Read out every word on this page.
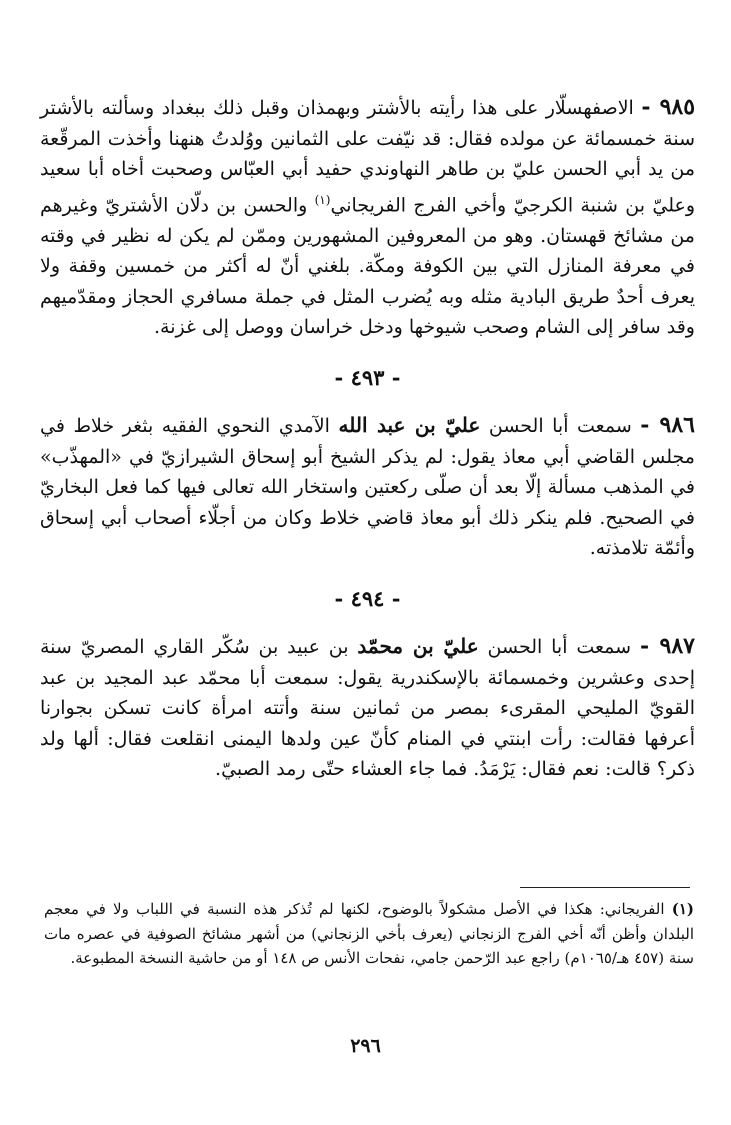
٩٨٥ - الاصفهسلّار على هذا رأيته بالأشتر وبهمذان وقبل ذلك ببغداد وسألته بالأشتر سنة خمسمائة عن مولده فقال: قد نيّفت على الثمانين ووُلدتُ هنهنا وأخذت المرقّعة من يد أبي الحسن عليّ بن طاهر النهاوندي حفيد أبي العبّاس وصحبت أخاه أبا سعيد وعليّ بن شنبة الكرجيّ وأخي الفرج الفريجاني$^{(١)}$ والحسن بن دلّان الأشتريّ وغيرهم من مشائخ قهستان. وهو من المعروفين المشهورين وممّن لم يكن له نظير في وقته في معرفة المنازل التي بين الكوفة ومكّة. بلغني أنّ له أكثر من خمسين وقفة ولا يعرف أحدٌ طريق البادية مثله وبه يُضرب المثل في جملة مسافري الحجاز ومقدّميهم وقد سافر إلى الشام وصحب شيوخها ودخل خراسان ووصل إلى غزنة.

- ٤٩٣ -

٩٨٦ - سمعت أبا الحسن عليّ بن عبد الله الآمدي النحوي الفقيه بثغر خلاط في مجلس القاضي أبي معاذ يقول: لم يذكر الشيخ أبو إسحاق الشيرازيّ في «المهذّب» في المذهب مسألة إلّا بعد أن صلّى ركعتين واستخار الله تعالى فيها كما فعل البخاريّ في الصحيح. فلم ينكر ذلك أبو معاذ قاضي خلاط وكان من أجلّاء أصحاب أبي إسحاق وأئمّة تلامذته.

- ٤٩٤ -

٩٨٧ - سمعت أبا الحسن عليّ بن محمّد بن عبيد بن سُكّر القاري المصريّ سنة إحدى وعشرين وخمسمائة بالإسكندرية يقول: سمعت أبا محمّد عبد المجيد بن عبد القويّ المليحي المقرىء بمصر من ثمانين سنة وأتته امرأة كانت تسكن بجوارنا أعرفها فقالت: رأت ابنتي في المنام كأنّ عين ولدها اليمنى انقلعت فقال: ألها ولد ذكر؟ قالت: نعم فقال: يَرْمَدُ. فما جاء العشاء حتّى رمد الصبيّ.

(١) الفريجاني: هكذا في الأصل مشكولاً بالوضوح، لكنها لم تُذكر هذه النسبة في اللباب ولا في معجم البلدان وأظن أنّه أخي الفرج الزنجاني (يعرف بأخي الزنجاني) من أشهر مشائخ الصوفية في عصره مات سنة (٤٥٧ هـ/١٠٦٥م) راجع عبد الرّحمن جامي، نفحات الأنس ص ١٤٨ أو من حاشية النسخة المطبوعة.
٢٩٦
